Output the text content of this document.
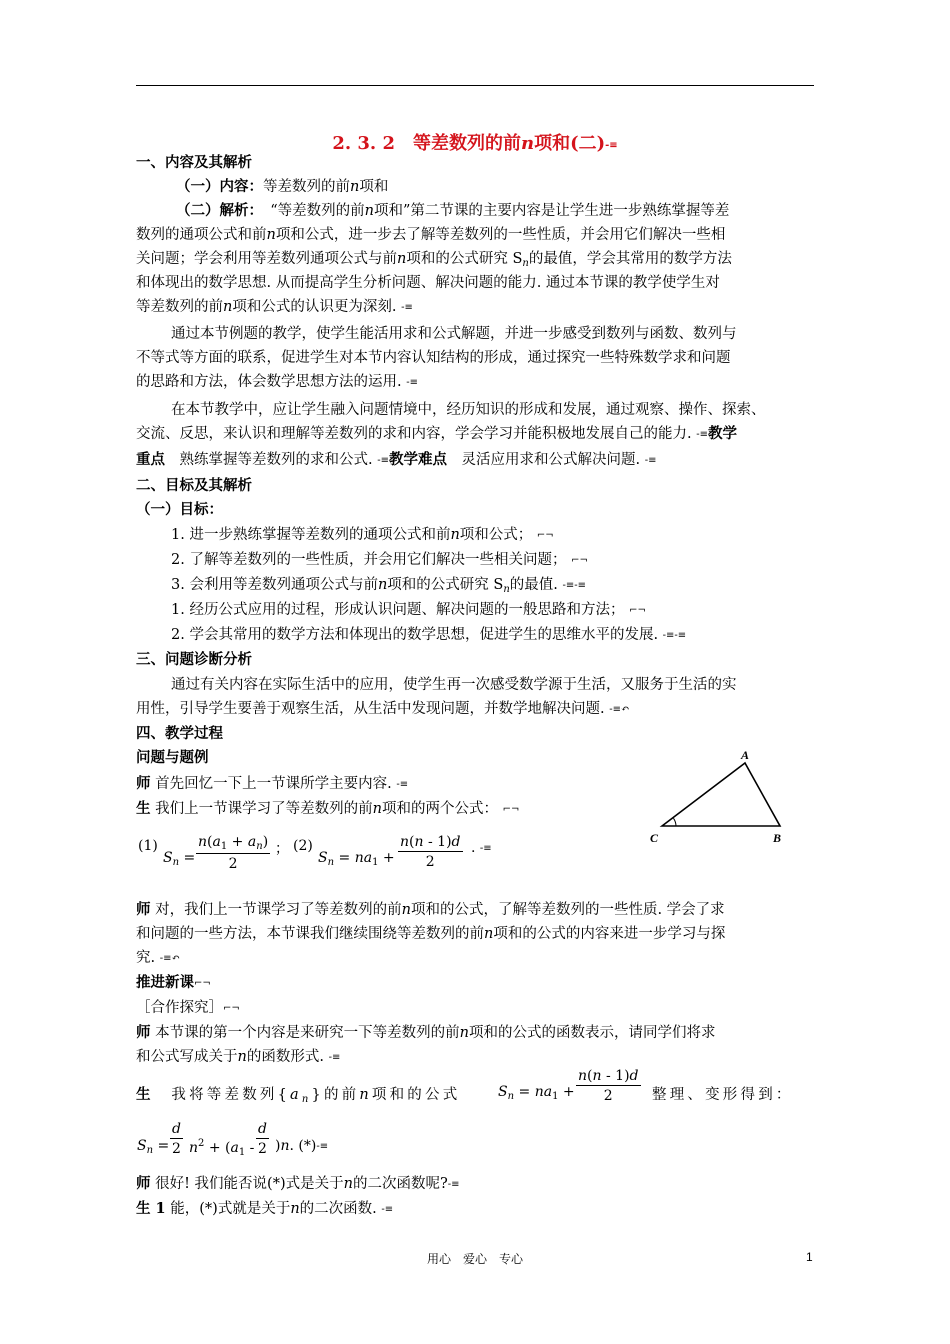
2. 3. 2　等差数列的前n项和(二)-≡
一、内容及其解析
（一）内容：等差数列的前n项和
（二）解析：　 “等差数列的前n项和”第二节课的主要内容是让学生进一步熟练掌握等差
数列的通项公式和前n项和公式，进一步去了解等差数列的一些性质，并会用它们解决一些相
关问题；学会利用等差数列通项公式与前n项和的公式研究 $S_n$的最值，学会其常用的数学方法
和体现出的数学思想. 从而提高学生分析问题、解决问题的能力. 通过本节课的教学使学生对
等差数列的前n项和公式的认识更为深刻. -≡
通过本节例题的教学，使学生能活用求和公式解题，并进一步感受到数列与函数、数列与
不等式等方面的联系，促进学生对本节内容认知结构的形成，通过探究一些特殊数学求和问题
的思路和方法，体会数学思想方法的运用. -≡
在本节教学中，应让学生融入问题情境中，经历知识的形成和发展，通过观察、操作、探索、
交流、反思，来认识和理解等差数列的求和内容，学会学习并能积极地发展自己的能力. -≡教学
重点　 熟练掌握等差数列的求和公式. -≡教学难点　 灵活应用求和公式解决问题. -≡
二、目标及其解析
（一）目标：
1. 进一步熟练掌握等差数列的通项公式和前n项和公式； ⌐¬
2. 了解等差数列的一些性质，并会用它们解决一些相关问题； ⌐¬
3. 会利用等差数列通项公式与前n项和的公式研究 $S_n$的最值. -≡-≡
1. 经历公式应用的过程，形成认识问题、解决问题的一般思路和方法； ⌐¬
2. 学会其常用的数学方法和体现出的数学思想，促进学生的思维水平的发展. -≡-≡
三、问题诊断分析
通过有关内容在实际生活中的应用，使学生再一次感受数学源于生活，又服务于生活的实
用性，引导学生要善于观察生活，从生活中发现问题，并数学地解决问题. -≡↶
四、教学过程
问题与题例
师 首先回忆一下上一节课所学主要内容. -≡
生 我们上一节课学习了等差数列的前n项和的两个公式： ⌐¬
A
B
C
(1)
$S_n$ =
$n(a_1 + a_n)$
2
； (2)
$S_n = na_1$ +
n(n - 1)d
2
. -≡
师 对，我们上一节课学习了等差数列的前n项和的公式，了解等差数列的一些性质. 学会了求
和问题的一些方法，本节课我们继续围绕等差数列的前n项和的公式的内容来进一步学习与探
究. -≡↶
推进新课⌐¬
［合作探究］⌐¬
师 本节课的第一个内容是来研究一下等差数列的前n项和的公式的函数表示，请同学们将求
和公式写成关于n的函数形式. -≡
生　 我将等差数列$\{a_n\}$的前n项和的公式	$S_n = na_1$ +
n(n - 1)d
2	整理、变形得到：
$S_n$ =
d
2 $n^2 + (a_1$ -
d
2 )n. (*)-≡
师 很好! 我们能否说(*)式是关于n的二次函数呢?-≡
生 1 能，(*)式就是关于n的二次函数. -≡
用心　爱心　专心	1
